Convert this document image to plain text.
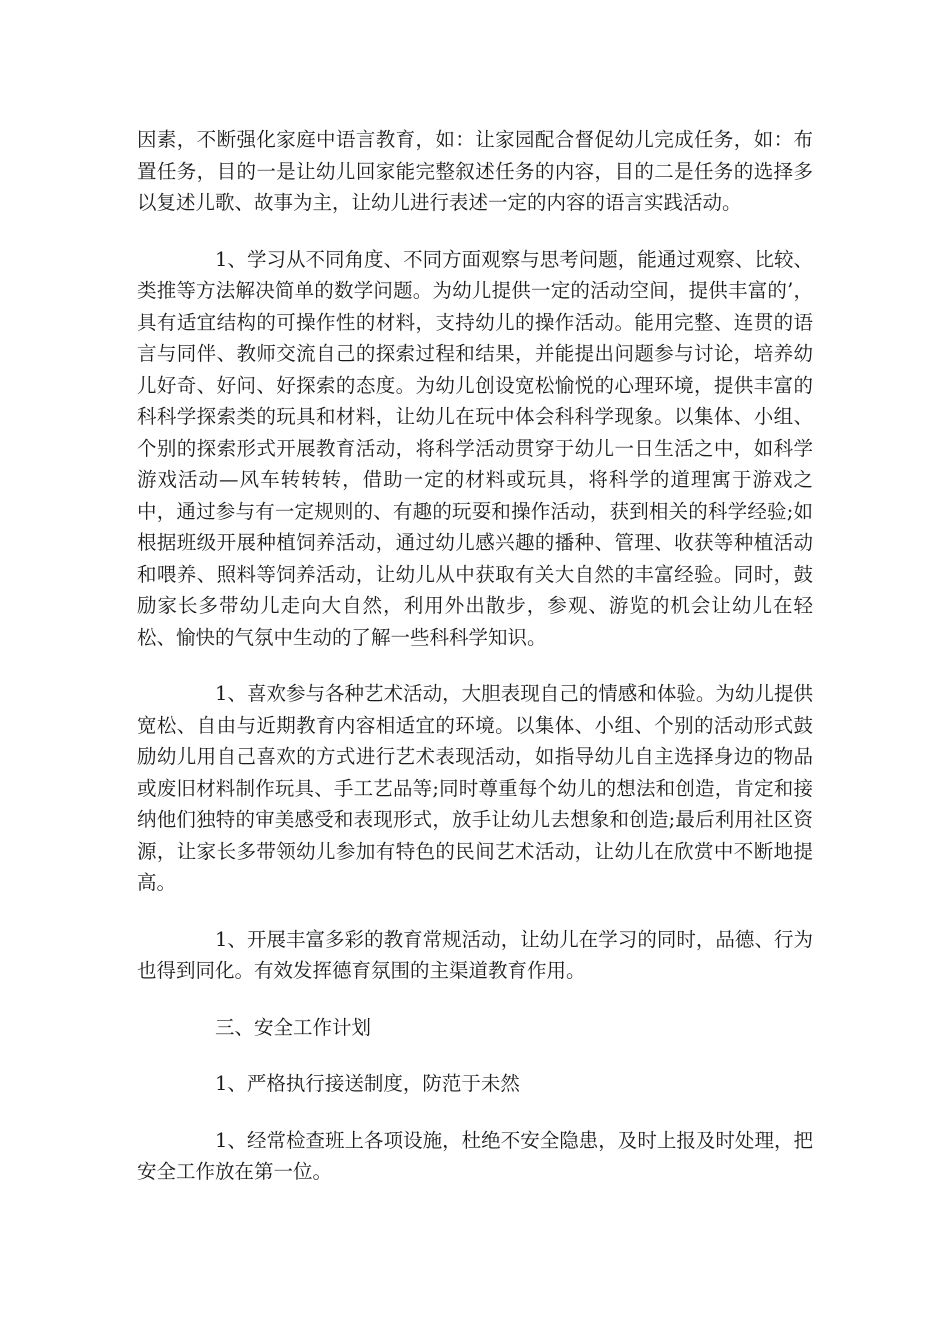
因素，不断强化家庭中语言教育，如：让家园配合督促幼儿完成任务，如：布置任务，目的一是让幼儿回家能完整叙述任务的内容，目的二是任务的选择多以复述儿歌、故事为主，让幼儿进行表述一定的内容的语言实践活动。

1、学习从不同角度、不同方面观察与思考问题，能通过观察、比较、类推等方法解决简单的数学问题。为幼儿提供一定的活动空间，提供丰富的’，具有适宜结构的可操作性的材料，支持幼儿的操作活动。能用完整、连贯的语言与同伴、教师交流自己的探索过程和结果，并能提出问题参与讨论，培养幼儿好奇、好问、好探索的态度。为幼儿创设宽松愉悦的心理环境，提供丰富的科科学探索类的玩具和材料，让幼儿在玩中体会科科学现象。以集体、小组、个别的探索形式开展教育活动，将科学活动贯穿于幼儿一日生活之中，如科学游戏活动—风车转转转，借助一定的材料或玩具，将科学的道理寓于游戏之中，通过参与有一定规则的、有趣的玩耍和操作活动，获到相关的科学经验;如根据班级开展种植饲养活动，通过幼儿感兴趣的播种、管理、收获等种植活动和喂养、照料等饲养活动，让幼儿从中获取有关大自然的丰富经验。同时，鼓励家长多带幼儿走向大自然，利用外出散步，参观、游览的机会让幼儿在轻松、愉快的气氛中生动的了解一些科科学知识。

1、喜欢参与各种艺术活动，大胆表现自己的情感和体验。为幼儿提供宽松、自由与近期教育内容相适宜的环境。以集体、小组、个别的活动形式鼓励幼儿用自己喜欢的方式进行艺术表现活动，如指导幼儿自主选择身边的物品或废旧材料制作玩具、手工艺品等;同时尊重每个幼儿的想法和创造，肯定和接纳他们独特的审美感受和表现形式，放手让幼儿去想象和创造;最后利用社区资源，让家长多带领幼儿参加有特色的民间艺术活动，让幼儿在欣赏中不断地提高。

1、开展丰富多彩的教育常规活动，让幼儿在学习的同时，品德、行为也得到同化。有效发挥德育氛围的主渠道教育作用。

三、安全工作计划

1、严格执行接送制度，防范于未然

1、经常检查班上各项设施，杜绝不安全隐患，及时上报及时处理，把安全工作放在第一位。
